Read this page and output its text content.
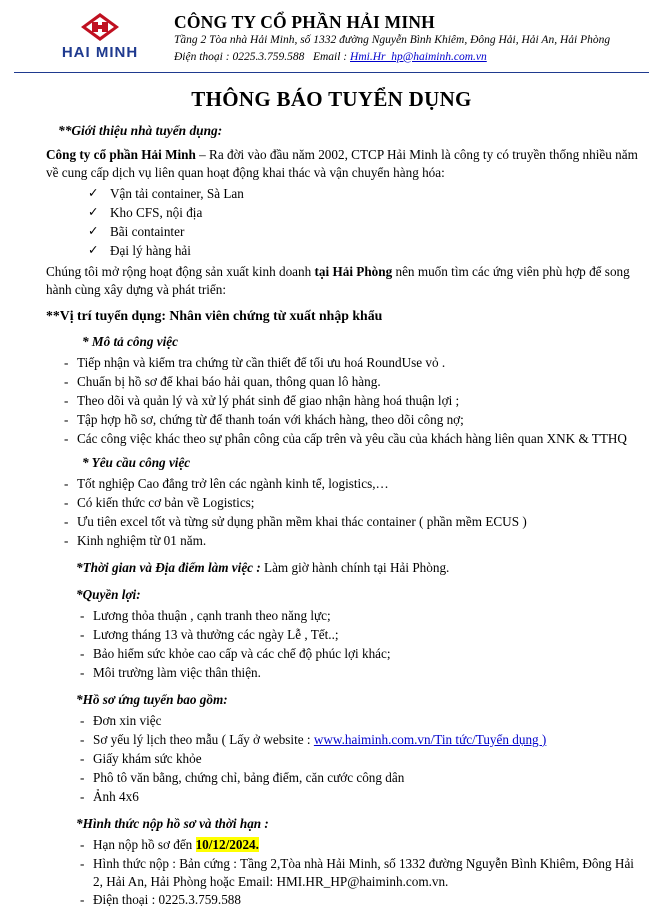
HAI MINH
CÔNG TY CỔ PHẦN HẢI MINH
Tầng 2 Tòa nhà Hải Minh, số 1332 đường Nguyễn Bình Khiêm, Đông Hải, Hải An, Hải Phòng
Điện thoại : 0225.3.759.588 Email : Hmi.Hr_hp@haiminh.com.vn
THÔNG BÁO TUYỂN DỤNG
**Giới thiệu nhà tuyển dụng:
Công ty cổ phần Hải Minh – Ra đời vào đầu năm 2002, CTCP Hải Minh là công ty có truyền thống nhiều năm về cung cấp dịch vụ liên quan hoạt động khai thác và vận chuyển hàng hóa:
✓ Vận tải container, Sà Lan
✓ Kho CFS, nội địa
✓ Bãi containter
✓ Đại lý hàng hải
Chúng tôi mở rộng hoạt động sản xuất kinh doanh tại Hải Phòng nên muốn tìm các ứng viên phù hợp để song hành cùng xây dựng và phát triển:
**Vị trí tuyển dụng: Nhân viên chứng từ xuất nhập khẩu
* Mô tả công việc
- Tiếp nhận và kiểm tra chứng từ cần thiết để tối ưu hoá RoundUse vỏ .
- Chuẩn bị hồ sơ để khai báo hải quan, thông quan lô hàng.
- Theo dõi và quản lý và xử lý phát sinh để giao nhận hàng hoá thuận lợi ;
- Tập hợp hồ sơ, chứng từ để thanh toán với khách hàng, theo dõi công nợ;
- Các công việc khác theo sự phân công của cấp trên và yêu cầu của khách hàng liên quan XNK & TTHQ
* Yêu cầu công việc
- Tốt nghiệp Cao đẳng trở lên các ngành kinh tế, logistics,…
- Có kiến thức cơ bản về Logistics;
- Ưu tiên excel tốt và từng sử dụng phần mềm khai thác container ( phần mềm ECUS )
- Kinh nghiệm từ 01 năm.
*Thời gian và Địa điểm làm việc : Làm giờ hành chính tại Hải Phòng.
*Quyền lợi:
- Lương thỏa thuận , cạnh tranh theo năng lực;
- Lương tháng 13 và thưởng các ngày Lễ , Tết..;
- Bảo hiểm sức khỏe cao cấp và các chế độ phúc lợi khác;
- Môi trường làm việc thân thiện.
*Hồ sơ ứng tuyển bao gồm:
- Đơn xin việc
- Sơ yếu lý lịch theo mẫu ( Lấy ở website : www.haiminh.com.vn/Tin tức/Tuyển dụng )
- Giấy khám sức khỏe
- Phô tô văn bằng, chứng chỉ, bảng điểm, căn cước công dân
- Ảnh 4x6
*Hình thức nộp hồ sơ và thời hạn :
- Hạn nộp hồ sơ đến 10/12/2024.
- Hình thức nộp : Bản cứng : Tầng 2,Tòa nhà Hải Minh, số 1332 đường Nguyễn Bình Khiêm, Đông Hải 2, Hải An, Hải Phòng hoặc Email: HMI.HR_HP@haiminh.com.vn.
- Điện thoại : 0225.3.759.588
